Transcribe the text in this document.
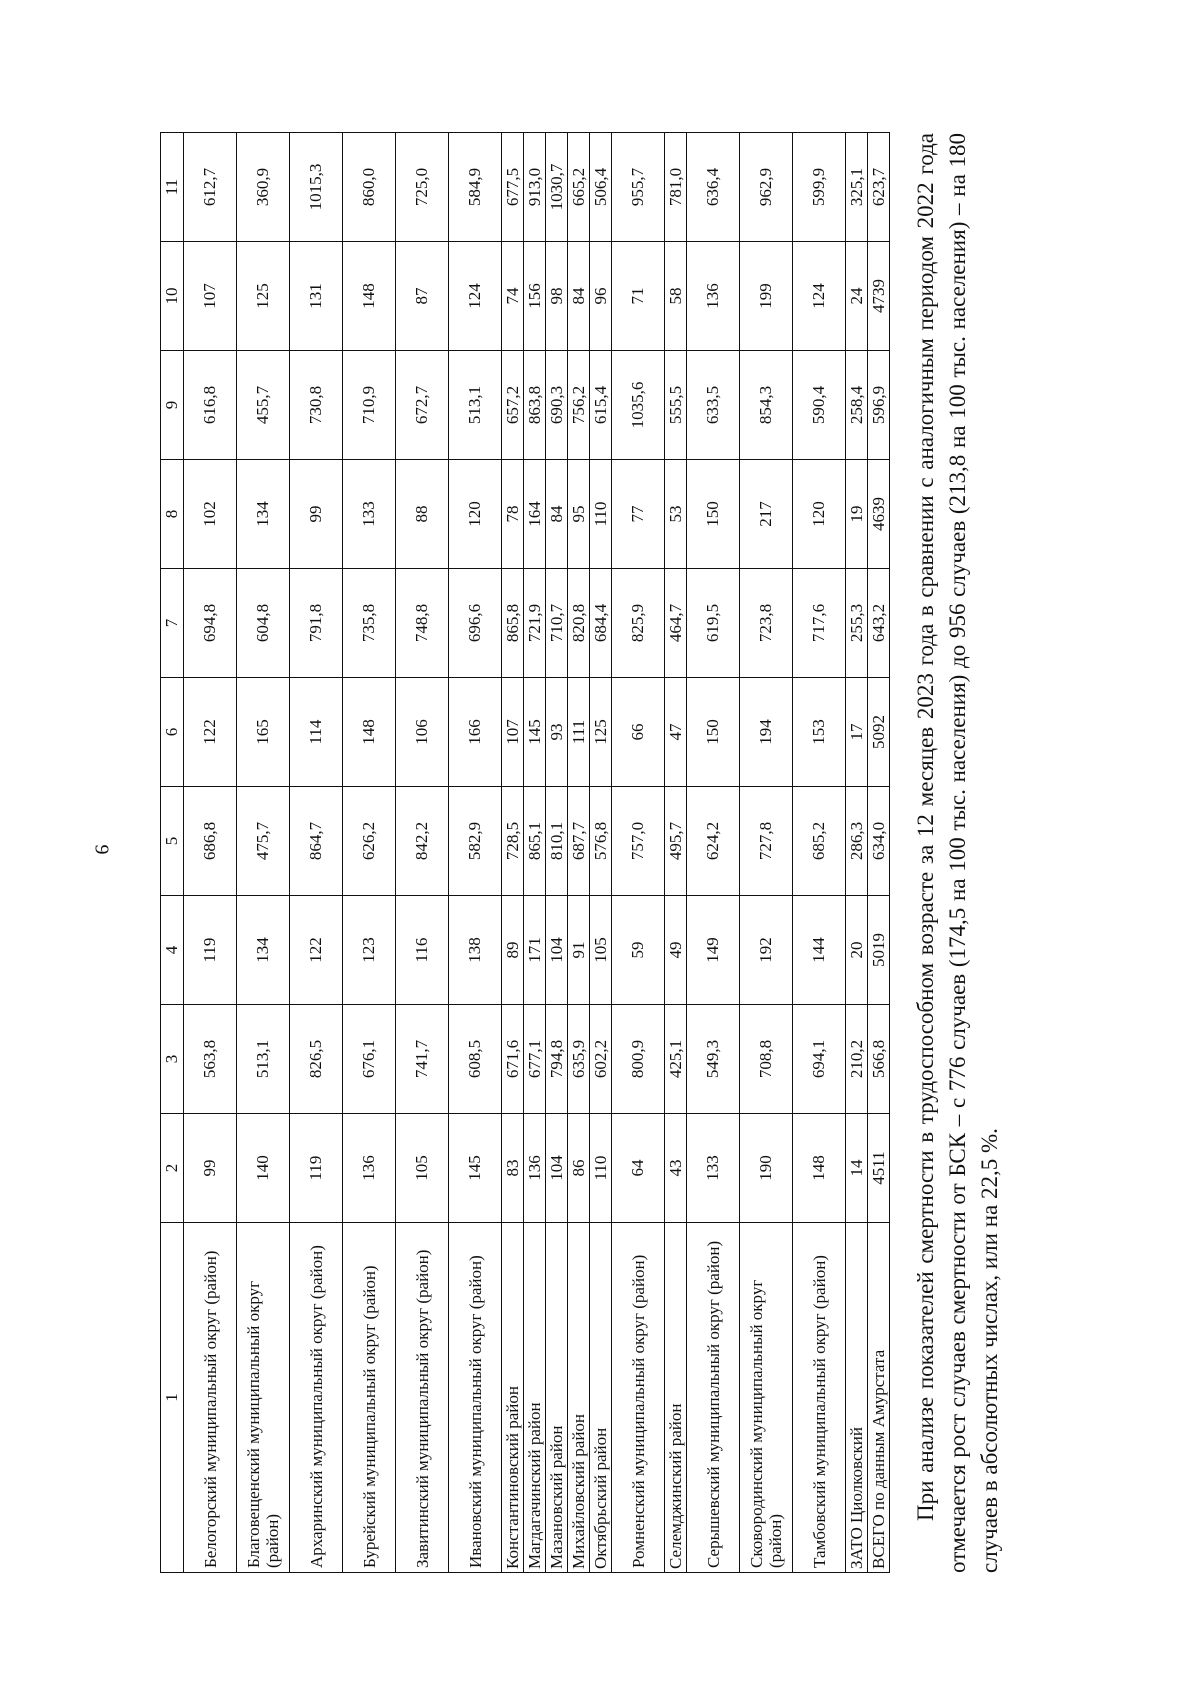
9
1	2	3	4	5	6	7	8	9	10	11
Белогорский муниципальный округ (район)	99	563,8	119	686,8	122	694,8	102	616,8	107	612,7
Благовещенский муниципальный округ (район)	140	513,1	134	475,7	165	604,8	134	455,7	125	360,9
Архаринский муниципальный округ (район)	119	826,5	122	864,7	114	791,8	99	730,8	131	1015,3
Бурейский муниципальный округ (район)	136	676,1	123	626,2	148	735,8	133	710,9	148	860,0
Завитинский муниципальный округ (район)	105	741,7	116	842,2	106	748,8	88	672,7	87	725,0
Ивановский муниципальный округ (район)	145	608,5	138	582,9	166	696,6	120	513,1	124	584,9
Константиновский район	83	671,6	89	728,5	107	865,8	78	657,2	74	677,5
Магдагачинский район	136	677,1	171	865,1	145	721,9	164	863,8	156	913,0
Мазановский район	104	794,8	104	810,1	93	710,7	84	690,3	98	1030,7
Михайловский район	86	635,9	91	687,7	111	820,8	95	756,2	84	665,2
Октябрьский район	110	602,2	105	576,8	125	684,4	110	615,4	96	506,4
Ромненский муниципальный округ (район)	64	800,9	59	757,0	66	825,9	77	1035,6	71	955,7
Селемджинский район	43	425,1	49	495,7	47	464,7	53	555,5	58	781,0
Серышевский муниципальный округ (район)	133	549,3	149	624,2	150	619,5	150	633,5	136	636,4
Сковородинский муниципальный округ (район)	190	708,8	192	727,8	194	723,8	217	854,3	199	962,9
Тамбовский муниципальный округ (район)	148	694,1	144	685,2	153	717,6	120	590,4	124	599,9
ЗАТО Циолковский	14	210,2	20	286,3	17	255,3	19	258,4	24	325,1
ВСЕГО по данным Амурстата	4511	566,8	5019	634,0	5092	643,2	4639	596,9	4739	623,7 При анализе показателей смертности в трудоспособном возрасте за 12 месяцев 2023 года в сравнении с аналогичным периодом 2022 года отмечается рост случаев смертности от БСК – с 776 случаев (174,5 на 100 тыс. населения) до 956 случаев (213,8 на 100 тыс. населения) – на 180 случаев в абсолютных числах, или на 22,5 %.
